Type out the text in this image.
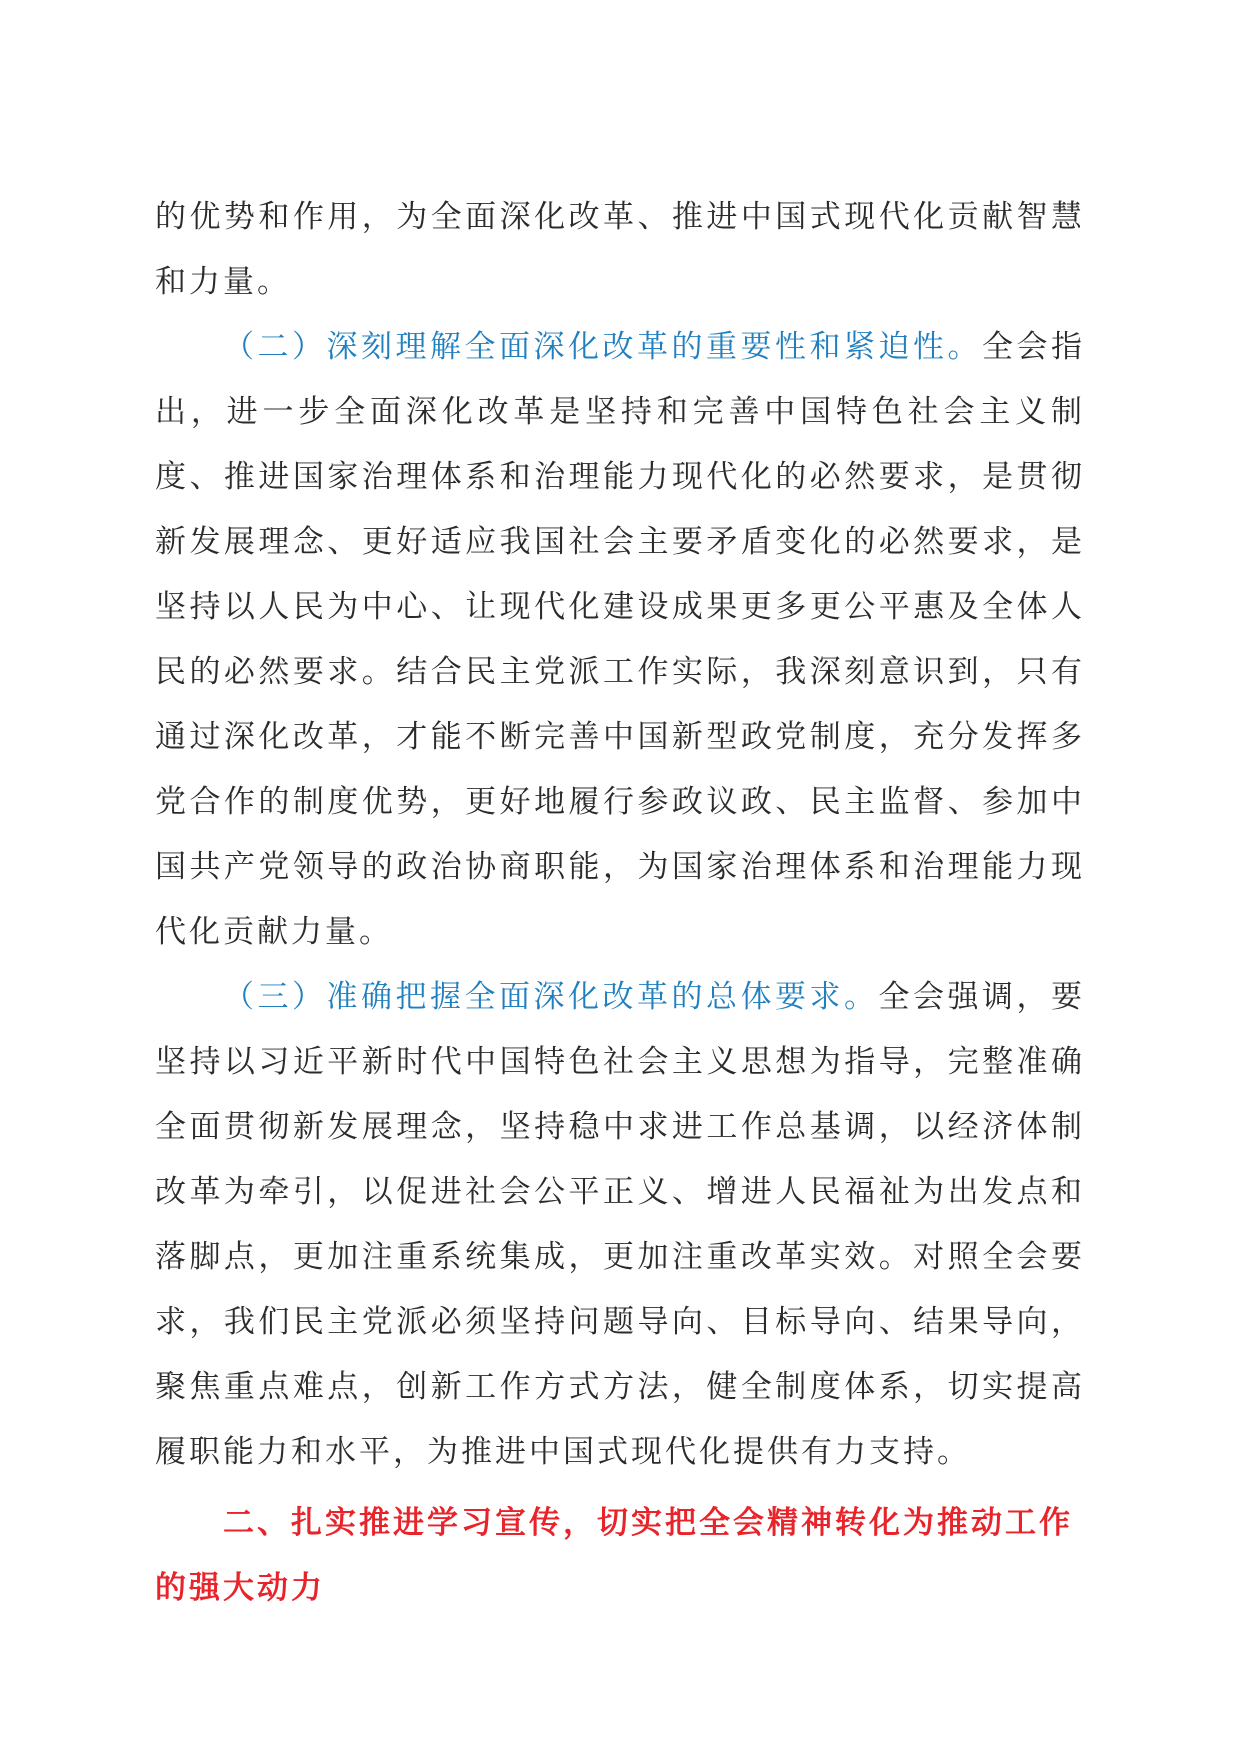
的优势和作用，为全面深化改革、推进中国式现代化贡献智慧和力量。

（二）深刻理解全面深化改革的重要性和紧迫性。全会指出，进一步全面深化改革是坚持和完善中国特色社会主义制度、推进国家治理体系和治理能力现代化的必然要求，是贯彻新发展理念、更好适应我国社会主要矛盾变化的必然要求，是坚持以人民为中心、让现代化建设成果更多更公平惠及全体人民的必然要求。结合民主党派工作实际，我深刻意识到，只有通过深化改革，才能不断完善中国新型政党制度，充分发挥多党合作的制度优势，更好地履行参政议政、民主监督、参加中国共产党领导的政治协商职能，为国家治理体系和治理能力现代化贡献力量。

（三）准确把握全面深化改革的总体要求。全会强调，要坚持以习近平新时代中国特色社会主义思想为指导，完整准确全面贯彻新发展理念，坚持稳中求进工作总基调，以经济体制改革为牵引，以促进社会公平正义、增进人民福祉为出发点和落脚点，更加注重系统集成，更加注重改革实效。对照全会要求，我们民主党派必须坚持问题导向、目标导向、结果导向，聚焦重点难点，创新工作方式方法，健全制度体系，切实提高履职能力和水平，为推进中国式现代化提供有力支持。

二、扎实推进学习宣传，切实把全会精神转化为推动工作的强大动力
